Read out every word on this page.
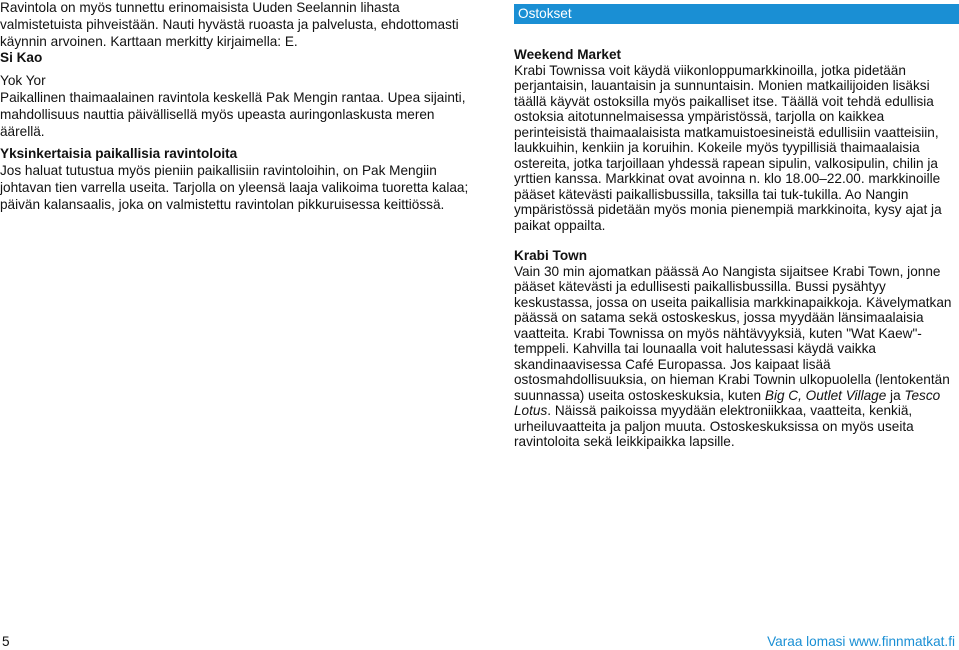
Ravintola on myös tunnettu erinomaisista Uuden Seelannin lihasta valmistetuista pihveistään. Nauti hyvästä ruoasta ja palvelusta, ehdottomasti käynnin arvoinen. Karttaan merkitty kirjaimella: E.

Si Kao

Yok Yor

Paikallinen thaimaalainen ravintola keskellä Pak Mengin rantaa. Upea sijainti, mahdollisuus nauttia päivällisellä myös upeasta auringonlaskusta meren äärellä.

Yksinkertaisia paikallisia ravintoloita

Jos haluat tutustua myös pieniin paikallisiin ravintoloihin, on Pak Mengiin johtavan tien varrella useita. Tarjolla on yleensä laaja valikoima tuoretta kalaa; päivän kalansaalis, joka on valmistettu ravintolan pikkuruisessa keittiössä.

Ostokset

Weekend Market

Krabi Townissa voit käydä viikonloppumarkkinoilla, jotka pidetään perjantaisin, lauantaisin ja sunnuntaisin. Monien matkailijoiden lisäksi täällä käyvät ostoksilla myös paikalliset itse. Täällä voit tehdä edullisia ostoksia aitotunnelmaisessa ympäristössä, tarjolla on kaikkea perinteisistä thaimaalaisista matkamuistoesineistä edullisiin vaatteisiin, laukkuihin, kenkiin ja koruihin. Kokeile myös tyypillisiä thaimaalaisia ostereita, jotka tarjoillaan yhdessä rapean sipulin, valkosipulin, chilin ja yrttien kanssa. Markkinat ovat avoinna n. klo 18.00–22.00. markkinoille pääset kätevästi paikallisbussilla, taksilla tai tuk-tukilla. Ao Nangin ympäristössä pidetään myös monia pienempiä markkinoita, kysy ajat ja paikat oppailta.

Krabi Town

Vain 30 min ajomatkan päässä Ao Nangista sijaitsee Krabi Town, jonne pääset kätevästi ja edullisesti paikallisbussilla. Bussi pysähtyy keskustassa, jossa on useita paikallisia markkinapaikkoja. Kävelymatkan päässä on satama sekä ostoskeskus, jossa myydään länsimaalaisia vaatteita. Krabi Townissa on myös nähtävyyksiä, kuten "Wat Kaew"-temppeli. Kahvilla tai lounaalla voit halutessasi käydä vaikka skandinaavisessa Café Europassa. Jos kaipaat lisää ostosmahdollisuuksia, on hieman Krabi Townin ulkopuolella (lentokentän suunnassa) useita ostoskeskuksia, kuten Big C, Outlet Village ja Tesco Lotus. Näissä paikoissa myydään elektroniikkaa, vaatteita, kenkiä, urheiluvaatteita ja paljon muuta. Ostoskeskuksissa on myös useita ravintoloita sekä leikkipaikka lapsille.

5	Varaa lomasi www.finnmatkat.fi
